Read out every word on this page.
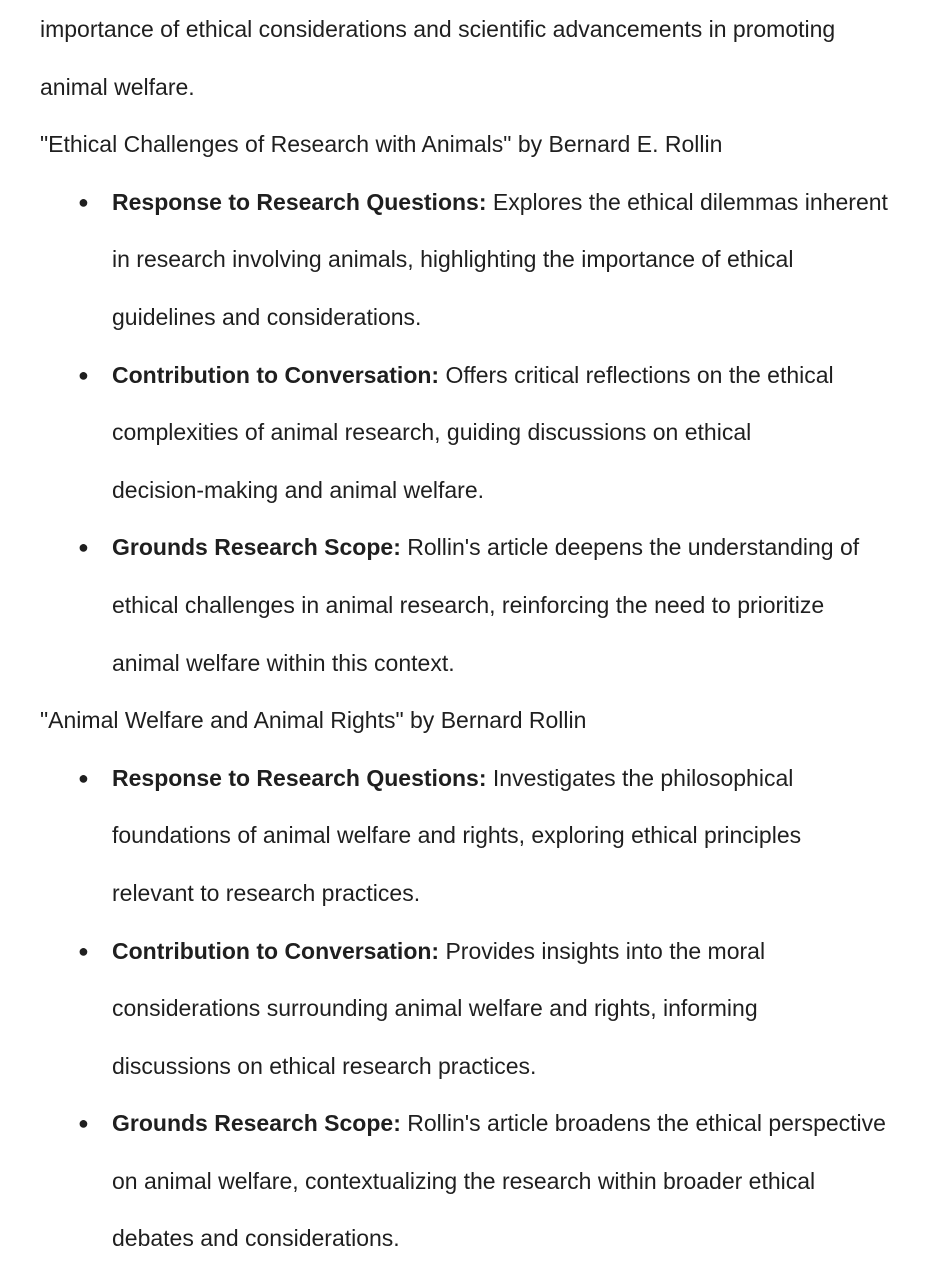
importance of ethical considerations and scientific advancements in promoting

animal welfare.

"Ethical Challenges of Research with Animals" by Bernard E. Rollin

● Response to Research Questions: Explores the ethical dilemmas inherent

in research involving animals, highlighting the importance of ethical

guidelines and considerations.

● Contribution to Conversation: Offers critical reflections on the ethical

complexities of animal research, guiding discussions on ethical

decision-making and animal welfare.

● Grounds Research Scope: Rollin's article deepens the understanding of

ethical challenges in animal research, reinforcing the need to prioritize

animal welfare within this context.

"Animal Welfare and Animal Rights" by Bernard Rollin

● Response to Research Questions: Investigates the philosophical

foundations of animal welfare and rights, exploring ethical principles

relevant to research practices.

● Contribution to Conversation: Provides insights into the moral

considerations surrounding animal welfare and rights, informing

discussions on ethical research practices.

● Grounds Research Scope: Rollin's article broadens the ethical perspective

on animal welfare, contextualizing the research within broader ethical

debates and considerations.
